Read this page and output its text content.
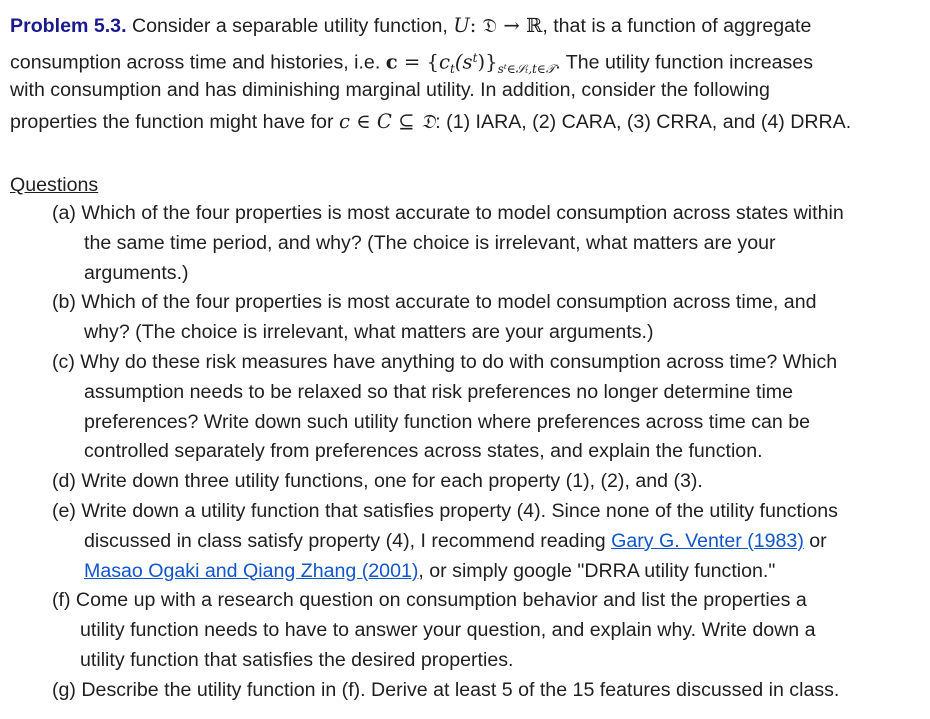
Problem 5.3. Consider a separable utility function, U: 𝔇 → ℝ, that is a function of aggregate
consumption across time and histories, i.e. $c = \{c_t(s^t)\}_{sᵗ\in 𝒮_t,t\in 𝒯}$. The utility function increases
with consumption and has diminishing marginal utility. In addition, consider the following
properties the function might have for c ∈ C ⊆ 𝔇: (1) IARA, (2) CARA, (3) CRRA, and (4) DRRA.
Questions
(a) Which of the four properties is most accurate to model consumption across states within
the same time period, and why? (The choice is irrelevant, what matters are your
arguments.)
(b) Which of the four properties is most accurate to model consumption across time, and
why? (The choice is irrelevant, what matters are your arguments.)
(c) Why do these risk measures have anything to do with consumption across time? Which
assumption needs to be relaxed so that risk preferences no longer determine time
preferences? Write down such utility function where preferences across time can be
controlled separately from preferences across states, and explain the function.
(d) Write down three utility functions, one for each property (1), (2), and (3).
(e) Write down a utility function that satisfies property (4). Since none of the utility functions
discussed in class satisfy property (4), I recommend reading Gary G. Venter (1983) or
Masao Ogaki and Qiang Zhang (2001), or simply google "DRRA utility function."
(f) Come up with a research question on consumption behavior and list the properties a
utility function needs to have to answer your question, and explain why. Write down a
utility function that satisfies the desired properties.
(g) Describe the utility function in (f). Derive at least 5 of the 15 features discussed in class.
